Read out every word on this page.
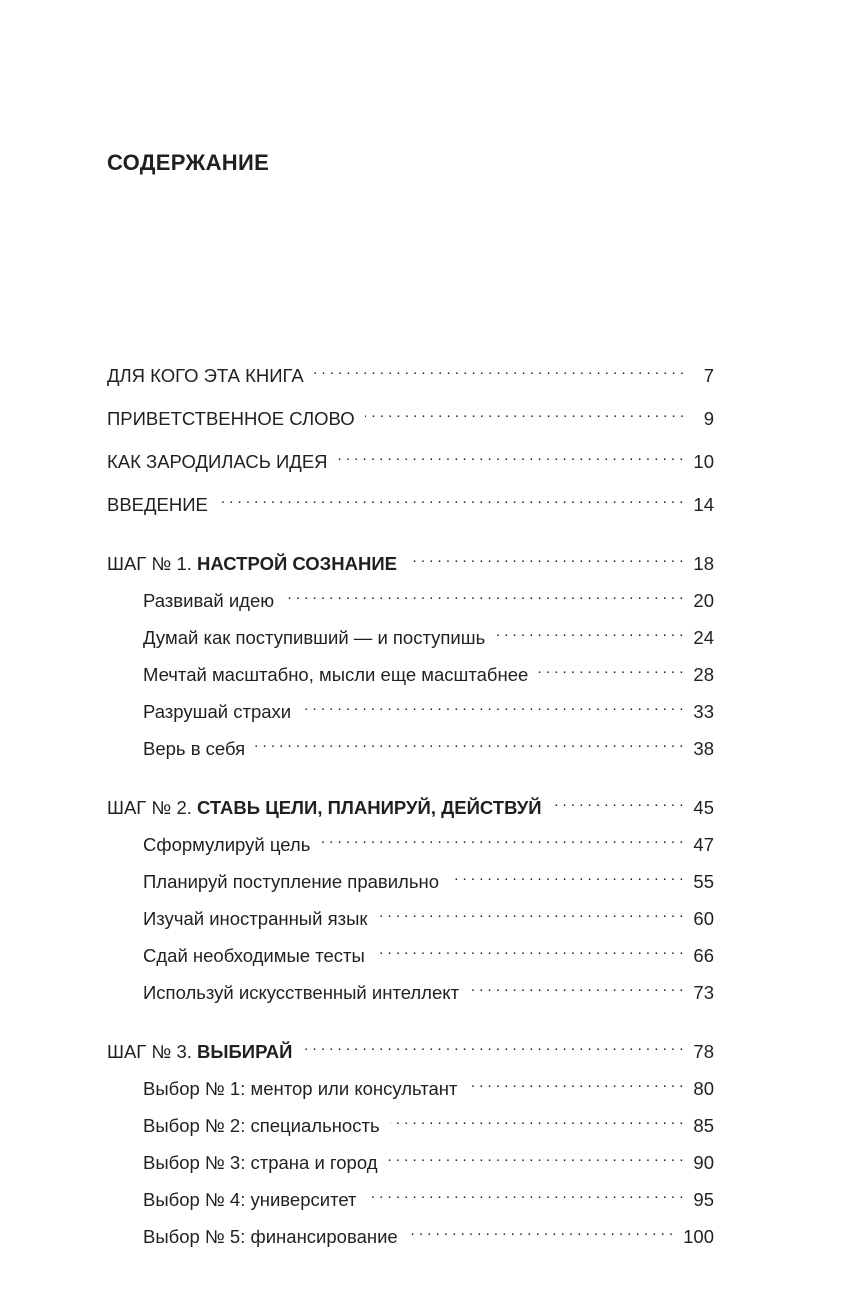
СОДЕРЖАНИЕ
ДЛЯ КОГО ЭТА КНИГА . . .	7
ПРИВЕТСТВЕННОЕ СЛОВО . . .	9
КАК ЗАРОДИЛАСЬ ИДЕЯ . . .	10
ВВЕДЕНИЕ . . .	14
ШАГ № 1. НАСТРОЙ СОЗНАНИЕ . . .	18
Развивай идею . . .	20
Думай как поступивший — и поступишь . . .	24
Мечтай масштабно, мысли еще масштабнее . . .	28
Разрушай страхи . . .	33
Верь в себя . . .	38
ШАГ № 2. СТАВЬ ЦЕЛИ, ПЛАНИРУЙ, ДЕЙСТВУЙ . . .	45
Сформулируй цель . . .	47
Планируй поступление правильно . . .	55
Изучай иностранный язык . . .	60
Сдай необходимые тесты . . .	66
Используй искусственный интеллект . . .	73
ШАГ № 3. ВЫБИРАЙ . . .	78
Выбор № 1: ментор или консультант . . .	80
Выбор № 2: специальность . . .	85
Выбор № 3: страна и город . . .	90
Выбор № 4: университет . . .	95
Выбор № 5: финансирование . . .	100
